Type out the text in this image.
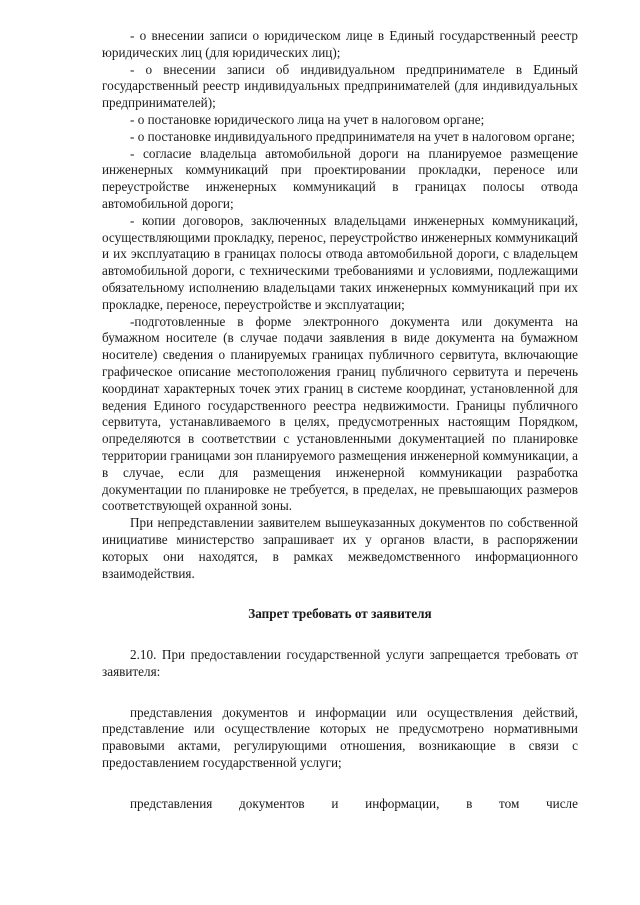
- о внесении записи о юридическом лице в Единый государственный реестр юридических лиц (для юридических лиц);

- о внесении записи об индивидуальном предпринимателе в Единый государственный реестр индивидуальных предпринимателей (для индивидуальных предпринимателей);

- о постановке юридического лица на учет в налоговом органе;

- о постановке индивидуального предпринимателя на учет в налоговом органе;

- согласие владельца автомобильной дороги на планируемое размещение инженерных коммуникаций при проектировании прокладки, переносе или переустройстве инженерных коммуникаций в границах полосы отвода автомобильной дороги;

- копии договоров, заключенных владельцами инженерных коммуникаций, осуществляющими прокладку, перенос, переустройство инженерных коммуникаций и их эксплуатацию в границах полосы отвода автомобильной дороги, с владельцем автомобильной дороги, с техническими требованиями и условиями, подлежащими обязательному исполнению владельцами таких инженерных коммуникаций при их прокладке, переносе, переустройстве и эксплуатации;

-подготовленные в форме электронного документа или документа на бумажном носителе (в случае подачи заявления в виде документа на бумажном носителе) сведения о планируемых границах публичного сервитута, включающие графическое описание местоположения границ публичного сервитута и перечень координат характерных точек этих границ в системе координат, установленной для ведения Единого государственного реестра недвижимости. Границы публичного сервитута, устанавливаемого в целях, предусмотренных настоящим Порядком, определяются в соответствии с установленными документацией по планировке территории границами зон планируемого размещения инженерной коммуникации, а в случае, если для размещения инженерной коммуникации разработка документации по планировке не требуется, в пределах, не превышающих размеров соответствующей охранной зоны.

При непредставлении заявителем вышеуказанных документов по собственной инициативе министерство запрашивает их у органов власти, в распоряжении которых они находятся, в рамках межведомственного информационного взаимодействия.

Запрет требовать от заявителя

2.10. При предоставлении государственной услуги запрещается требовать от заявителя:

представления документов и информации или осуществления действий, представление или осуществление которых не предусмотрено нормативными правовыми актами, регулирующими отношения, возникающие в связи с предоставлением государственной услуги;

представления документов и информации, в том числе
